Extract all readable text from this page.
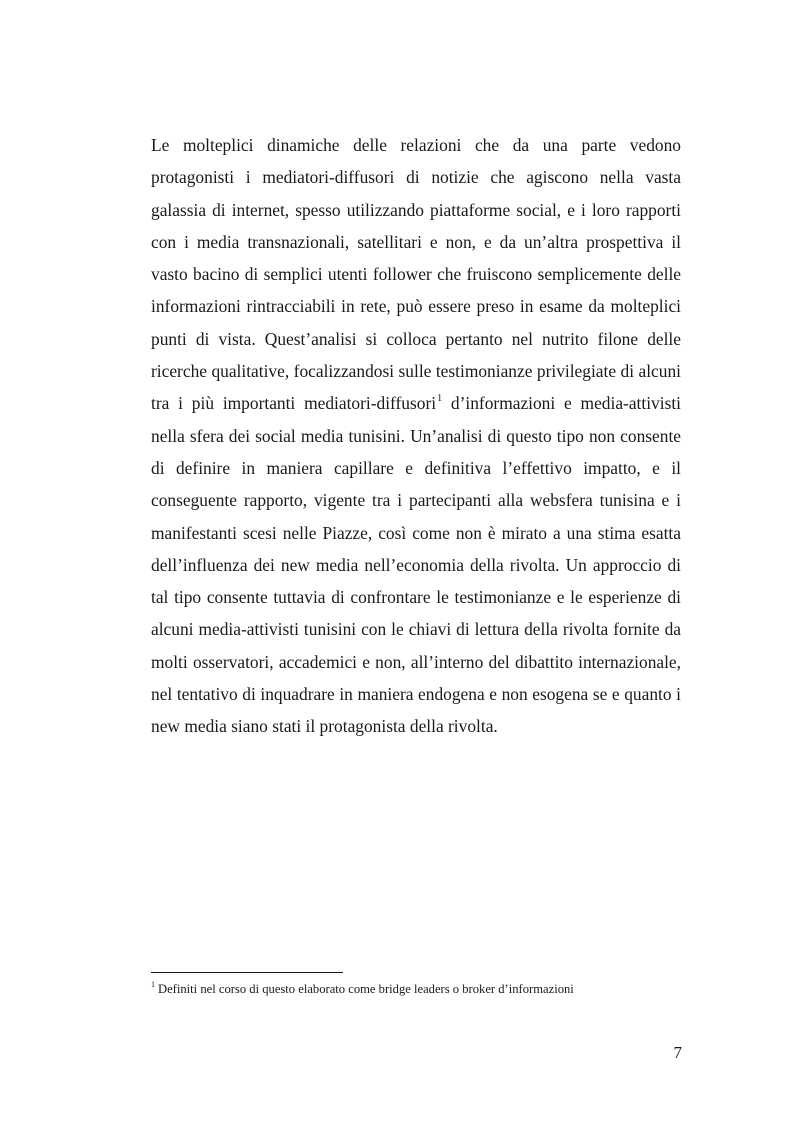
Le molteplici dinamiche delle relazioni che da una parte vedono protagonisti i mediatori-diffusori di notizie che agiscono nella vasta galassia di internet, spesso utilizzando piattaforme social, e i loro rapporti con i media transnazionali, satellitari e non, e da un’altra prospettiva il vasto bacino di semplici utenti follower che fruiscono semplicemente delle informazioni rintracciabili in rete, può essere preso in esame da molteplici punti di vista. Quest’analisi si colloca pertanto nel nutrito filone delle ricerche qualitative, focalizzandosi sulle testimonianze privilegiate di alcuni tra i più importanti mediatori-diffusori$^1$ d’informazioni e media-attivisti nella sfera dei social media tunisini. Un’analisi di questo tipo non consente di definire in maniera capillare e definitiva l’effettivo impatto, e il conseguente rapporto, vigente tra i partecipanti alla websfera tunisina e i manifestanti scesi nelle Piazze, così come non è mirato a una stima esatta dell’influenza dei new media nell’economia della rivolta. Un approccio di tal tipo consente tuttavia di confrontare le testimonianze e le esperienze di alcuni media-attivisti tunisini con le chiavi di lettura della rivolta fornite da molti osservatori, accademici e non, all’interno del dibattito internazionale, nel tentativo di inquadrare in maniera endogena e non esogena se e quanto i new media siano stati il protagonista della rivolta.

$^1$ Definiti nel corso di questo elaborato come bridge leaders o broker d’informazioni

7
